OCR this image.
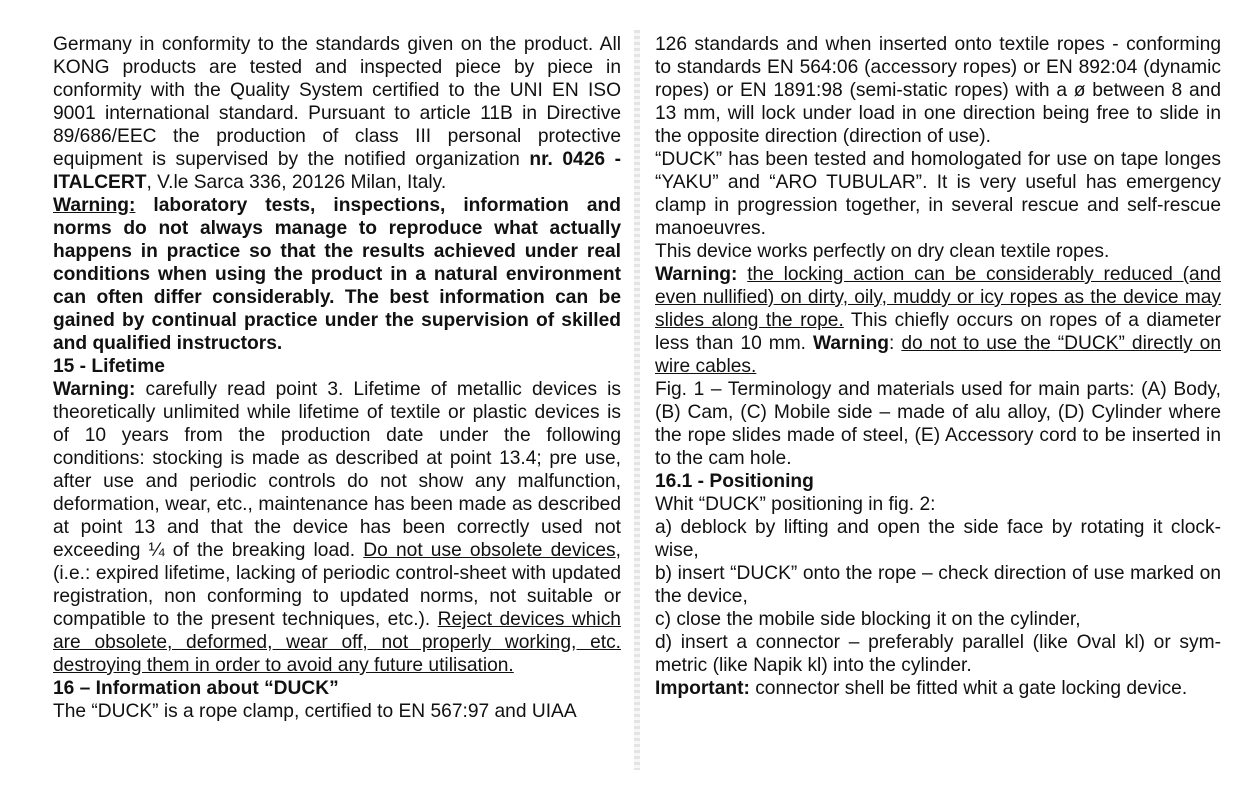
Germany in conformity to the standards given on the product. All KONG products are tested and inspected piece by piece in conformity with the Quality System certified to the UNI EN ISO 9001 international standard. Pursuant to article 11B in Directive 89/686/EEC the production of class III personal protective equipment is supervised by the notified organization nr. 0426 - ITALCERT, V.le Sarca 336, 20126 Milan, Italy.

Warning: laboratory tests, inspections, information and norms do not always manage to reproduce what actually happens in practice so that the results achieved under real conditions when using the product in a natural environment can often differ considerably. The best information can be gained by continual practice under the supervision of skilled and qualified instructors.

15 - Lifetime

Warning: carefully read point 3. Lifetime of metallic devices is theoretically unlimited while lifetime of textile or plastic devices is of 10 years from the production date under the following conditions: stocking is made as described at point 13.4; pre use, after use and periodic controls do not show any malfunction, deformation, wear, etc., maintenance has been made as described at point 13 and that the device has been correctly used not exceeding ¼ of the breaking load. Do not use obsolete devices, (i.e.: expired lifetime, lacking of periodic control-sheet with updated registration, non conforming to updated norms, not suitable or compatible to the present techniques, etc.). Reject devices which are obsolete, deformed, wear off, not properly working, etc. destroying them in order to avoid any future utilisation.

16 – Information about “DUCK”

The “DUCK” is a rope clamp, certified to EN 567:97 and UIAA

126 standards and when inserted onto textile ropes - conforming to standards EN 564:06 (accessory ropes) or EN 892:04 (dynamic ropes) or EN 1891:98 (semi-static ropes) with a ø between 8 and 13 mm, will lock under load in one direction being free to slide in the opposite direction (direction of use).

“DUCK” has been tested and homologated for use on tape longes “YAKU” and “ARO TUBULAR”. It is very useful has emergency clamp in progression together, in several rescue and self-rescue manoeuvres.

This device works perfectly on dry clean textile ropes.
Warning: the locking action can be considerably reduced (and even nullified) on dirty, oily, muddy or icy ropes as the device may slides along the rope. This chiefly occurs on ropes of a diameter less than 10 mm. Warning: do not to use the “DUCK” directly on wire cables.

Fig. 1 – Terminology and materials used for main parts: (A) Body, (B) Cam, (C) Mobile side – made of alu alloy, (D) Cylinder where the rope slides made of steel, (E) Accessory cord to be inserted in to the cam hole.

16.1 - Positioning

Whit “DUCK” positioning in fig. 2:

a) deblock by lifting and open the side face by rotating it clockwise,

b) insert “DUCK” onto the rope – check direction of use marked on the device,

c) close the mobile side blocking it on the cylinder,

d) insert a connector – preferably parallel (like Oval kl) or symmetric (like Napik kl) into the cylinder.

Important: connector shell be fitted whit a gate locking device.
